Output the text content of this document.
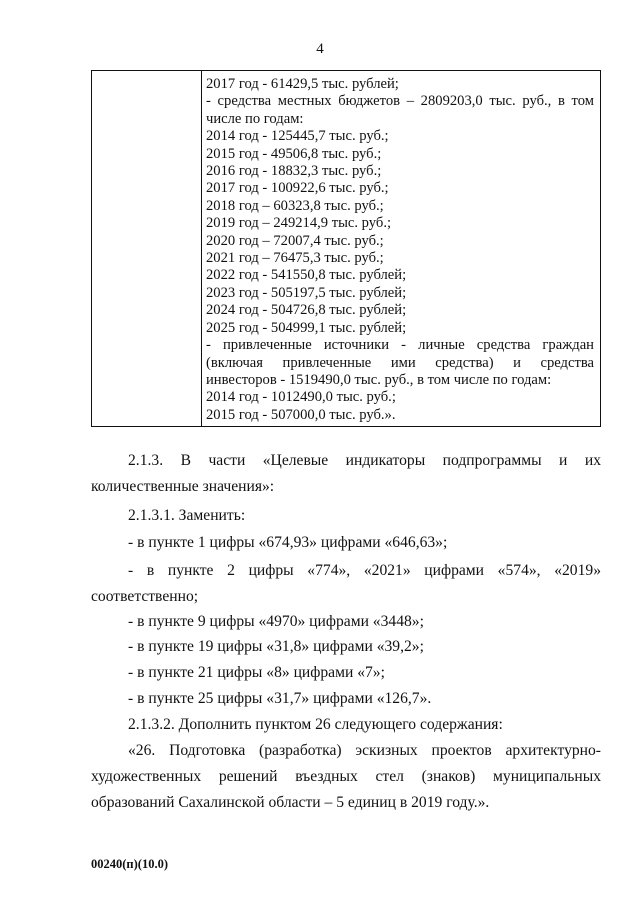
4
2017 год - 61429,5 тыс. рублей;
- средства местных бюджетов – 2809203,0 тыс. руб., в том
числе по годам:
2014 год - 125445,7 тыс. руб.;
2015 год - 49506,8 тыс. руб.;
2016 год - 18832,3 тыс. руб.;
2017 год - 100922,6 тыс. руб.;
2018 год – 60323,8 тыс. руб.;
2019 год – 249214,9 тыс. руб.;
2020 год – 72007,4 тыс. руб.;
2021 год – 76475,3 тыс. руб.;
2022 год - 541550,8 тыс. рублей;
2023 год - 505197,5 тыс. рублей;
2024 год - 504726,8 тыс. рублей;
2025 год - 504999,1 тыс. рублей;
- привлеченные источники - личные средства граждан
(включая привлеченные ими средства) и средства
инвесторов - 1519490,0 тыс. руб., в том числе по годам:
2014 год - 1012490,0 тыс. руб.;
2015 год - 507000,0 тыс. руб.».
2.1.3. В части «Целевые индикаторы подпрограммы и их
количественные значения»:
2.1.3.1. Заменить:
- в пункте 1 цифры «674,93» цифрами «646,63»;
- в пункте 2 цифры «774», «2021» цифрами «574», «2019»
соответственно;
- в пункте 9 цифры «4970» цифрами «3448»;
- в пункте 19 цифры «31,8» цифрами «39,2»;
- в пункте 21 цифры «8» цифрами «7»;
- в пункте 25 цифры «31,7» цифрами «126,7».
2.1.3.2. Дополнить пунктом 26 следующего содержания:
«26. Подготовка (разработка) эскизных проектов архитектурно-
художественных решений въездных стел (знаков) муниципальных
образований Сахалинской области – 5 единиц в 2019 году.».
00240(п)(10.0)
